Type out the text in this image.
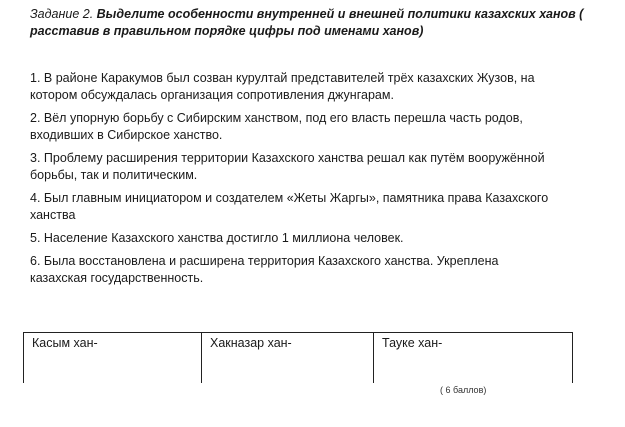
Задание 2. Выделите особенности внутренней и внешней политики казахских ханов (
расставив в правильном порядке цифры под именами ханов)
1. В районе Каракумов был созван курултай представителей трёх казахских Жузов, на
котором обсуждалась организация сопротивления джунгарам.
2. Вёл упорную борьбу с Сибирским ханством, под его власть перешла часть родов,
входивших в Сибирское ханство.
3. Проблему расширения территории Казахского ханства решал как путём вооружённой
борьбы, так и политическим.
4. Был главным инициатором и создателем «Жеты Жаргы», памятника права Казахского
ханства
5. Население Казахского ханства достигло 1 миллиона человек.
6. Была восстановлена и расширена территория Казахского ханства. Укреплена
казахская государственность.
Касым хан-	Хакназар хан-	Тауке хан-
( 6 баллов)
